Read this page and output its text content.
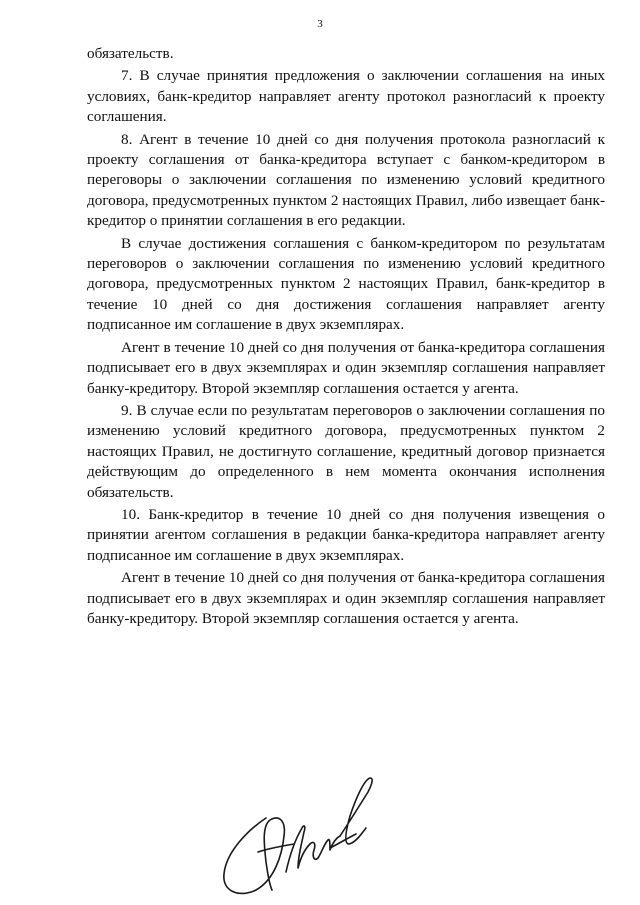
3

обязательств.

7. В случае принятия предложения о заключении соглашения на иных условиях, банк-кредитор направляет агенту протокол разногласий к проекту соглашения.

8. Агент в течение 10 дней со дня получения протокола разногласий к проекту соглашения от банка-кредитора вступает с банком-кредитором в переговоры о заключении соглашения по изменению условий кредитного договора, предусмотренных пунктом 2 настоящих Правил, либо извещает банк-кредитор о принятии соглашения в его редакции.

В случае достижения соглашения с банком-кредитором по результатам переговоров о заключении соглашения по изменению условий кредитного договора, предусмотренных пунктом 2 настоящих Правил, банк-кредитор в течение 10 дней со дня достижения соглашения направляет агенту подписанное им соглашение в двух экземплярах.

Агент в течение 10 дней со дня получения от банка-кредитора соглашения подписывает его в двух экземплярах и один экземпляр соглашения направляет банку-кредитору. Второй экземпляр соглашения остается у агента.

9. В случае если по результатам переговоров о заключении соглашения по изменению условий кредитного договора, предусмотренных пунктом 2 настоящих Правил, не достигнуто соглашение, кредитный договор признается действующим до определенного в нем момента окончания исполнения обязательств.

10. Банк-кредитор в течение 10 дней со дня получения извещения о принятии агентом соглашения в редакции банка-кредитора направляет агенту подписанное им соглашение в двух экземплярах.

Агент в течение 10 дней со дня получения от банка-кредитора соглашения подписывает его в двух экземплярах и один экземпляр соглашения направляет банку-кредитору. Второй экземпляр соглашения остается у агента.
